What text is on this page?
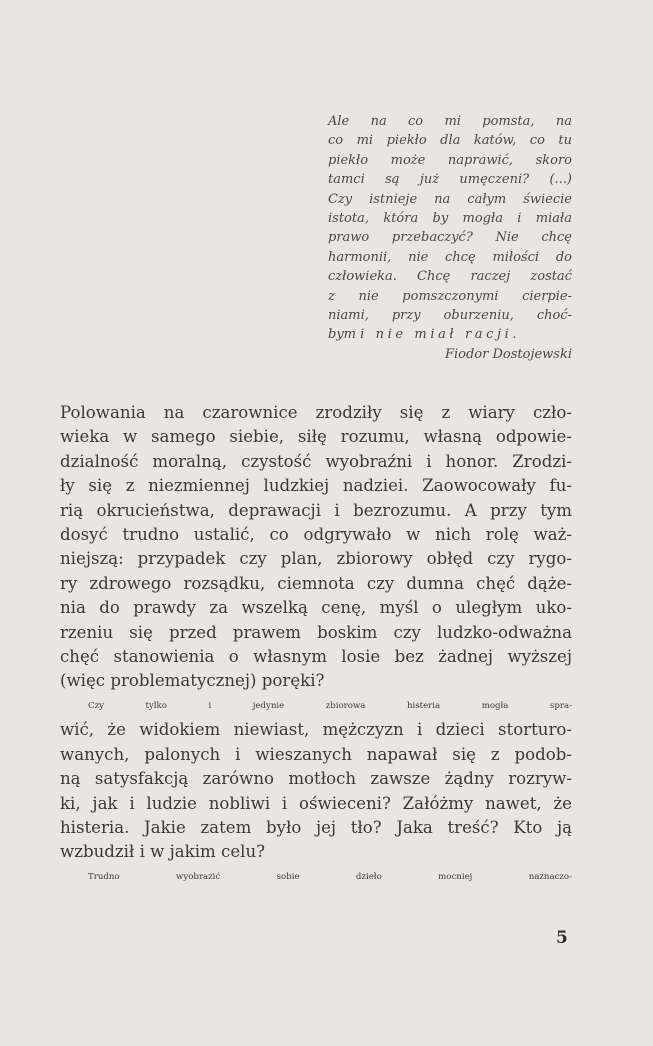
Ale na co mi pomsta, na
co mi piekło dla katów, co tu
piekło może naprawić, skoro
tamci są już umęczeni? (...)
Czy istnieje na całym świecie
istota, która by mogła i miała
prawo przebaczyć? Nie chcę
harmonii, nie chcę miłości do
człowieka. Chcę raczej zostać
z nie pomszczonymi cierpie-
niami, przy oburzeniu, choć-
bym i nie miał racji.
Fiodor Dostojewski
Polowania na czarownice zrodziły się z wiary czło-
wieka w samego siebie, siłę rozumu, własną odpowie-
dzialność moralną, czystość wyobraźni i honor. Zrodzi-
ły się z niezmiennej ludzkiej nadziei. Zaowocowały fu-
rią okrucieństwa, deprawacji i bezrozumu. A przy tym
dosyć trudno ustalić, co odgrywało w nich rolę waż-
niejszą: przypadek czy plan, zbiorowy obłęd czy rygo-
ry zdrowego rozsądku, ciemnota czy dumna chęć dąże-
nia do prawdy za wszelką cenę, myśl o uległym uko-
rzeniu się przed prawem boskim czy ludzko-odważna
chęć stanowienia o własnym losie bez żadnej wyższej
(więc problematycznej) poręki?
Czy tylko i jedynie zbiorowa histeria mogła spra-
wić, że widokiem niewiast, mężczyzn i dzieci storturo-
wanych, palonych i wieszanych napawał się z podob-
ną satysfakcją zarówno motłoch zawsze żądny rozryw-
ki, jak i ludzie nobliwi i oświeceni? Załóżmy nawet, że
histeria. Jakie zatem było jej tło? Jaka treść? Kto ją
wzbudził i w jakim celu?
Trudno wyobrazić sobie dzieło mocniej naznaczo-
5
